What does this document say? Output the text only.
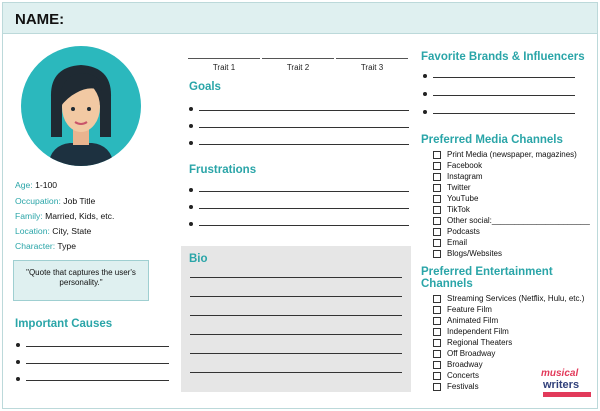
NAME:
Age: 1-100
Occupation: Job Title
Family: Married, Kids, etc.
Location: City, State
Character: Type
"Quote that captures the user's personality."
Important Causes
Trait 1	Trait 2	Trait 3
Goals
Frustrations
Bio
Favorite Brands & Influencers
Preferred Media Channels
Print Media (newspaper, magazines)
Facebook
Instagram
Twitter
YouTube
TikTok
Other social:______________________
Podcasts
Email
Blogs/Websites
Preferred Entertainment Channels
Streaming Services (Netflix, Hulu, etc.)
Feature Film
Animated Film
Independent Film
Regional Theaters
Off Broadway
Broadway
Concerts
Festivals
musical
writers
